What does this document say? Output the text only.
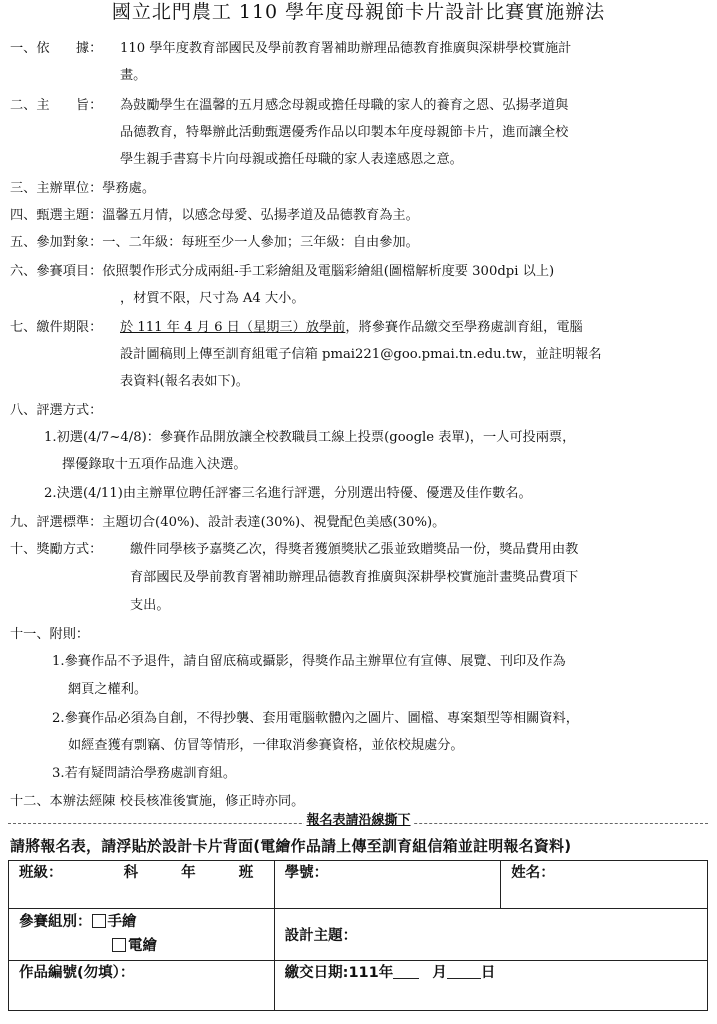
國立北門農工 110 學年度母親節卡片設計比賽實施辦法
一、依　　據： 110 學年度教育部國民及學前教育署補助辦理品德教育推廣與深耕學校實施計
畫。
二、主　　旨： 為鼓勵學生在溫馨的五月感念母親或擔任母職的家人的養育之恩、弘揚孝道與
品德教育，特舉辦此活動甄選優秀作品以印製本年度母親節卡片，進而讓全校
學生親手書寫卡片向母親或擔任母職的家人表達感恩之意。
三、主辦單位：學務處。
四、甄選主題：溫馨五月情，以感念母愛、弘揚孝道及品德教育為主。
五、參加對象：一、二年級：每班至少一人參加；三年級：自由參加。
六、參賽項目：依照製作形式分成兩組-手工彩繪組及電腦彩繪組(圖檔解析度要 300dpi 以上)
，材質不限，尺寸為 A4 大小。
七、繳件期限： 於 111 年 4 月 6 日（星期三）放學前，將參賽作品繳交至學務處訓育組，電腦
設計圖稿則上傳至訓育組電子信箱 pmai221@goo.pmai.tn.edu.tw，並註明報名
表資料(報名表如下)。
八、評選方式：
1.初選(4/7~4/8)：參賽作品開放讓全校教職員工線上投票(google 表單)，一人可投兩票，
擇優錄取十五項作品進入決選。
2.決選(4/11)由主辦單位聘任評審三名進行評選，分別選出特優、優選及佳作數名。
九、評選標準：主題切合(40%)、設計表達(30%)、視覺配色美感(30%)。
十、獎勵方式： 繳件同學核予嘉獎乙次，得獎者獲頒獎狀乙張並致贈獎品一份，獎品費用由教
育部國民及學前教育署補助辦理品德教育推廣與深耕學校實施計畫獎品費項下
支出。
十一、附則：
1.參賽作品不予退件，請自留底稿或攝影，得獎作品主辦單位有宣傳、展覽、刊印及作為
網頁之權利。
2.參賽作品必須為自創，不得抄襲、套用電腦軟體內之圖片、圖檔、專案類型等相關資料，
如經查獲有剽竊、仿冒等情形，一律取消參賽資格，並依校規處分。
3.若有疑問請洽學務處訓育組。
十二、本辦法經陳 校長核准後實施，修正時亦同。
報名表請沿線撕下
請將報名表，請浮貼於設計卡片背面(電繪作品請上傳至訓育組信箱並註明報名資料)
班級： 科 年 班	學號：	姓名：
參賽組別： 手繪
電繪	設計主題：	
作品編號(勿填）：	繳交日期:111年 月 日	
